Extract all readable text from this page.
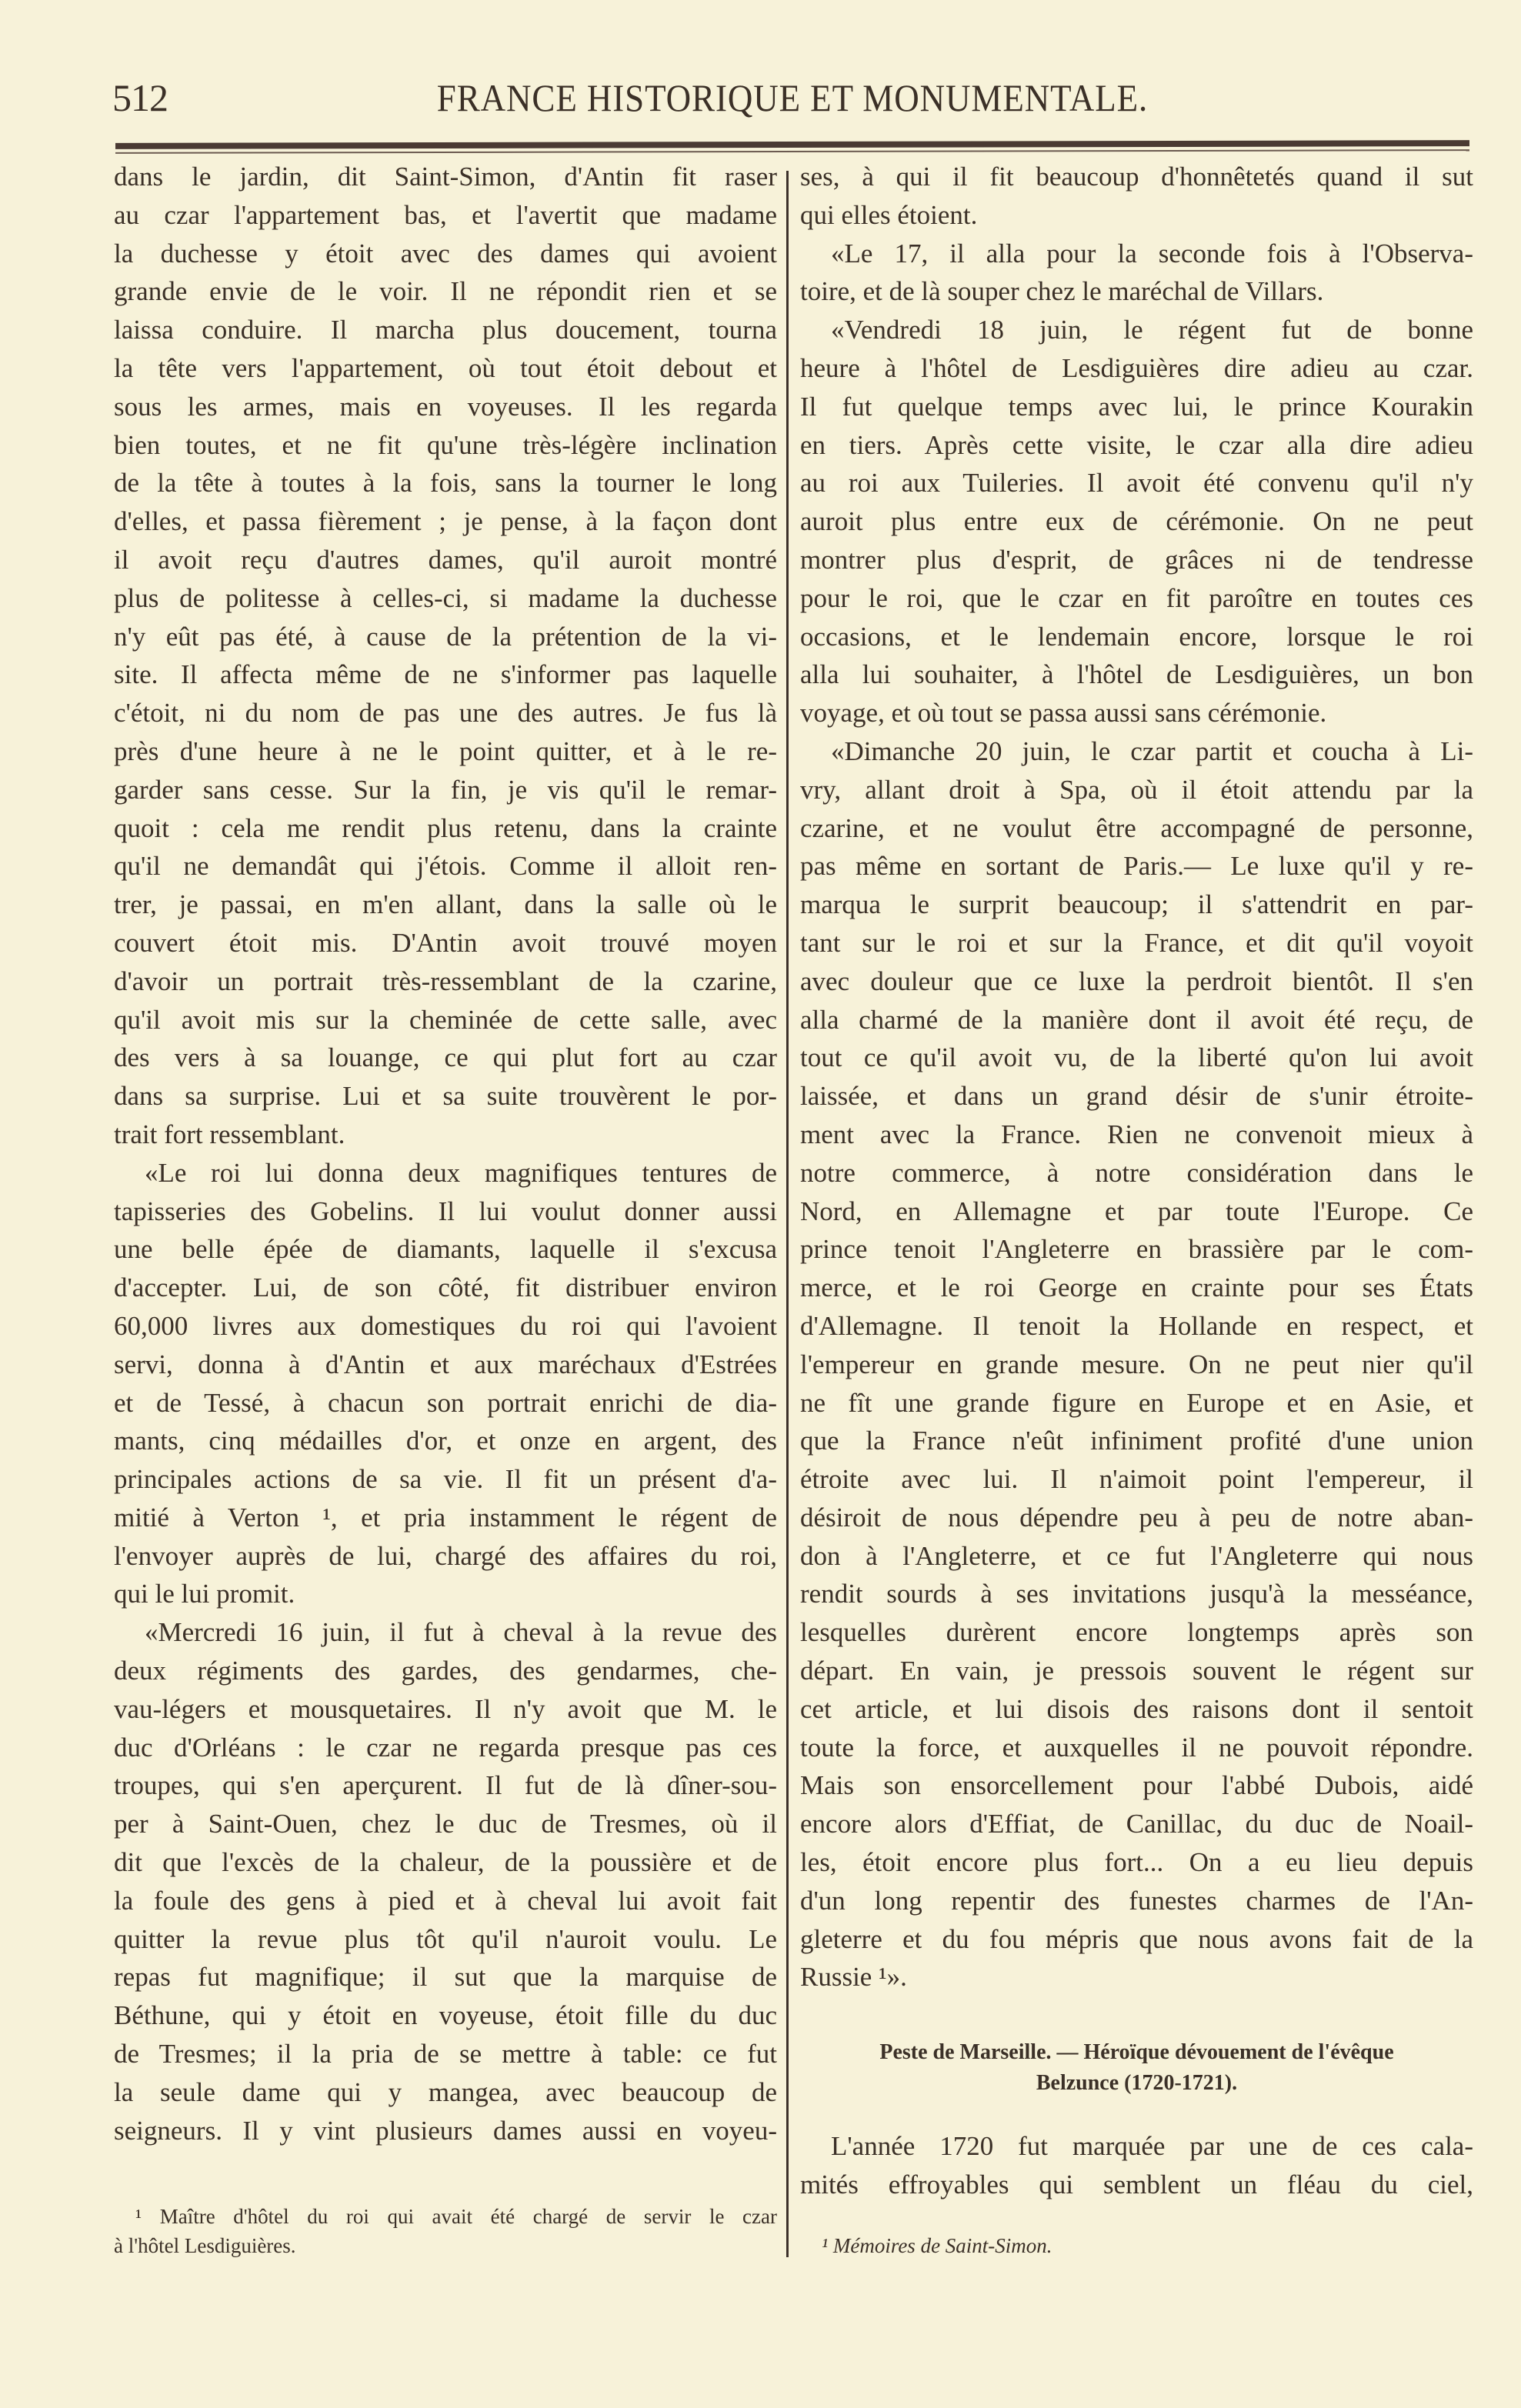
512	FRANCE HISTORIQUE ET MONUMENTALE.
dans le jardin, dit Saint-Simon, d'Antin fit raser
au czar l'appartement bas, et l'avertit que madame
la duchesse y étoit avec des dames qui avoient
grande envie de le voir. Il ne répondit rien et se
laissa conduire. Il marcha plus doucement, tourna
la tête vers l'appartement, où tout étoit debout et
sous les armes, mais en voyeuses. Il les regarda
bien toutes, et ne fit qu'une très-légère inclination
de la tête à toutes à la fois, sans la tourner le long
d'elles, et passa fièrement ; je pense, à la façon dont
il avoit reçu d'autres dames, qu'il auroit montré
plus de politesse à celles-ci, si madame la duchesse
n'y eût pas été, à cause de la prétention de la vi-
site. Il affecta même de ne s'informer pas laquelle
c'étoit, ni du nom de pas une des autres. Je fus là
près d'une heure à ne le point quitter, et à le re-
garder sans cesse. Sur la fin, je vis qu'il le remar-
quoit : cela me rendit plus retenu, dans la crainte
qu'il ne demandât qui j'étois. Comme il alloit ren-
trer, je passai, en m'en allant, dans la salle où le
couvert étoit mis. D'Antin avoit trouvé moyen
d'avoir un portrait très-ressemblant de la czarine,
qu'il avoit mis sur la cheminée de cette salle, avec
des vers à sa louange, ce qui plut fort au czar
dans sa surprise. Lui et sa suite trouvèrent le por-
trait fort ressemblant.
«Le roi lui donna deux magnifiques tentures de
tapisseries des Gobelins. Il lui voulut donner aussi
une belle épée de diamants, laquelle il s'excusa
d'accepter. Lui, de son côté, fit distribuer environ
60,000 livres aux domestiques du roi qui l'avoient
servi, donna à d'Antin et aux maréchaux d'Estrées
et de Tessé, à chacun son portrait enrichi de dia-
mants, cinq médailles d'or, et onze en argent, des
principales actions de sa vie. Il fit un présent d'a-
mitié à Verton ¹, et pria instamment le régent de
l'envoyer auprès de lui, chargé des affaires du roi,
qui le lui promit.
«Mercredi 16 juin, il fut à cheval à la revue des
deux régiments des gardes, des gendarmes, che-
vau-légers et mousquetaires. Il n'y avoit que M. le
duc d'Orléans : le czar ne regarda presque pas ces
troupes, qui s'en aperçurent. Il fut de là dîner-sou-
per à Saint-Ouen, chez le duc de Tresmes, où il
dit que l'excès de la chaleur, de la poussière et de
la foule des gens à pied et à cheval lui avoit fait
quitter la revue plus tôt qu'il n'auroit voulu. Le
repas fut magnifique; il sut que la marquise de
Béthune, qui y étoit en voyeuse, étoit fille du duc
de Tresmes; il la pria de se mettre à table: ce fut
la seule dame qui y mangea, avec beaucoup de
seigneurs. Il y vint plusieurs dames aussi en voyeu-
ses, à qui il fit beaucoup d'honnêtetés quand il sut
qui elles étoient.
«Le 17, il alla pour la seconde fois à l'Observa-
toire, et de là souper chez le maréchal de Villars.
«Vendredi 18 juin, le régent fut de bonne
heure à l'hôtel de Lesdiguières dire adieu au czar.
Il fut quelque temps avec lui, le prince Kourakin
en tiers. Après cette visite, le czar alla dire adieu
au roi aux Tuileries. Il avoit été convenu qu'il n'y
auroit plus entre eux de cérémonie. On ne peut
montrer plus d'esprit, de grâces ni de tendresse
pour le roi, que le czar en fit paroître en toutes ces
occasions, et le lendemain encore, lorsque le roi
alla lui souhaiter, à l'hôtel de Lesdiguières, un bon
voyage, et où tout se passa aussi sans cérémonie.
«Dimanche 20 juin, le czar partit et coucha à Li-
vry, allant droit à Spa, où il étoit attendu par la
czarine, et ne voulut être accompagné de personne,
pas même en sortant de Paris.— Le luxe qu'il y re-
marqua le surprit beaucoup; il s'attendrit en par-
tant sur le roi et sur la France, et dit qu'il voyoit
avec douleur que ce luxe la perdroit bientôt. Il s'en
alla charmé de la manière dont il avoit été reçu, de
tout ce qu'il avoit vu, de la liberté qu'on lui avoit
laissée, et dans un grand désir de s'unir étroite-
ment avec la France. Rien ne convenoit mieux à
notre commerce, à notre considération dans le
Nord, en Allemagne et par toute l'Europe. Ce
prince tenoit l'Angleterre en brassière par le com-
merce, et le roi George en crainte pour ses États
d'Allemagne. Il tenoit la Hollande en respect, et
l'empereur en grande mesure. On ne peut nier qu'il
ne fît une grande figure en Europe et en Asie, et
que la France n'eût infiniment profité d'une union
étroite avec lui. Il n'aimoit point l'empereur, il
désiroit de nous dépendre peu à peu de notre aban-
don à l'Angleterre, et ce fut l'Angleterre qui nous
rendit sourds à ses invitations jusqu'à la messéance,
lesquelles durèrent encore longtemps après son
départ. En vain, je pressois souvent le régent sur
cet article, et lui disois des raisons dont il sentoit
toute la force, et auxquelles il ne pouvoit répondre.
Mais son ensorcellement pour l'abbé Dubois, aidé
encore alors d'Effiat, de Canillac, du duc de Noail-
les, étoit encore plus fort... On a eu lieu depuis
d'un long repentir des funestes charmes de l'An-
gleterre et du fou mépris que nous avons fait de la
Russie ¹».
¹ Maître d'hôtel du roi qui avait été chargé de servir le czar
à l'hôtel Lesdiguières.
Peste de Marseille. — Héroïque dévouement de l'évêque
Belzunce (1720-1721).
L'année 1720 fut marquée par une de ces cala-
mités effroyables qui semblent un fléau du ciel,
¹ Mémoires de Saint-Simon.
